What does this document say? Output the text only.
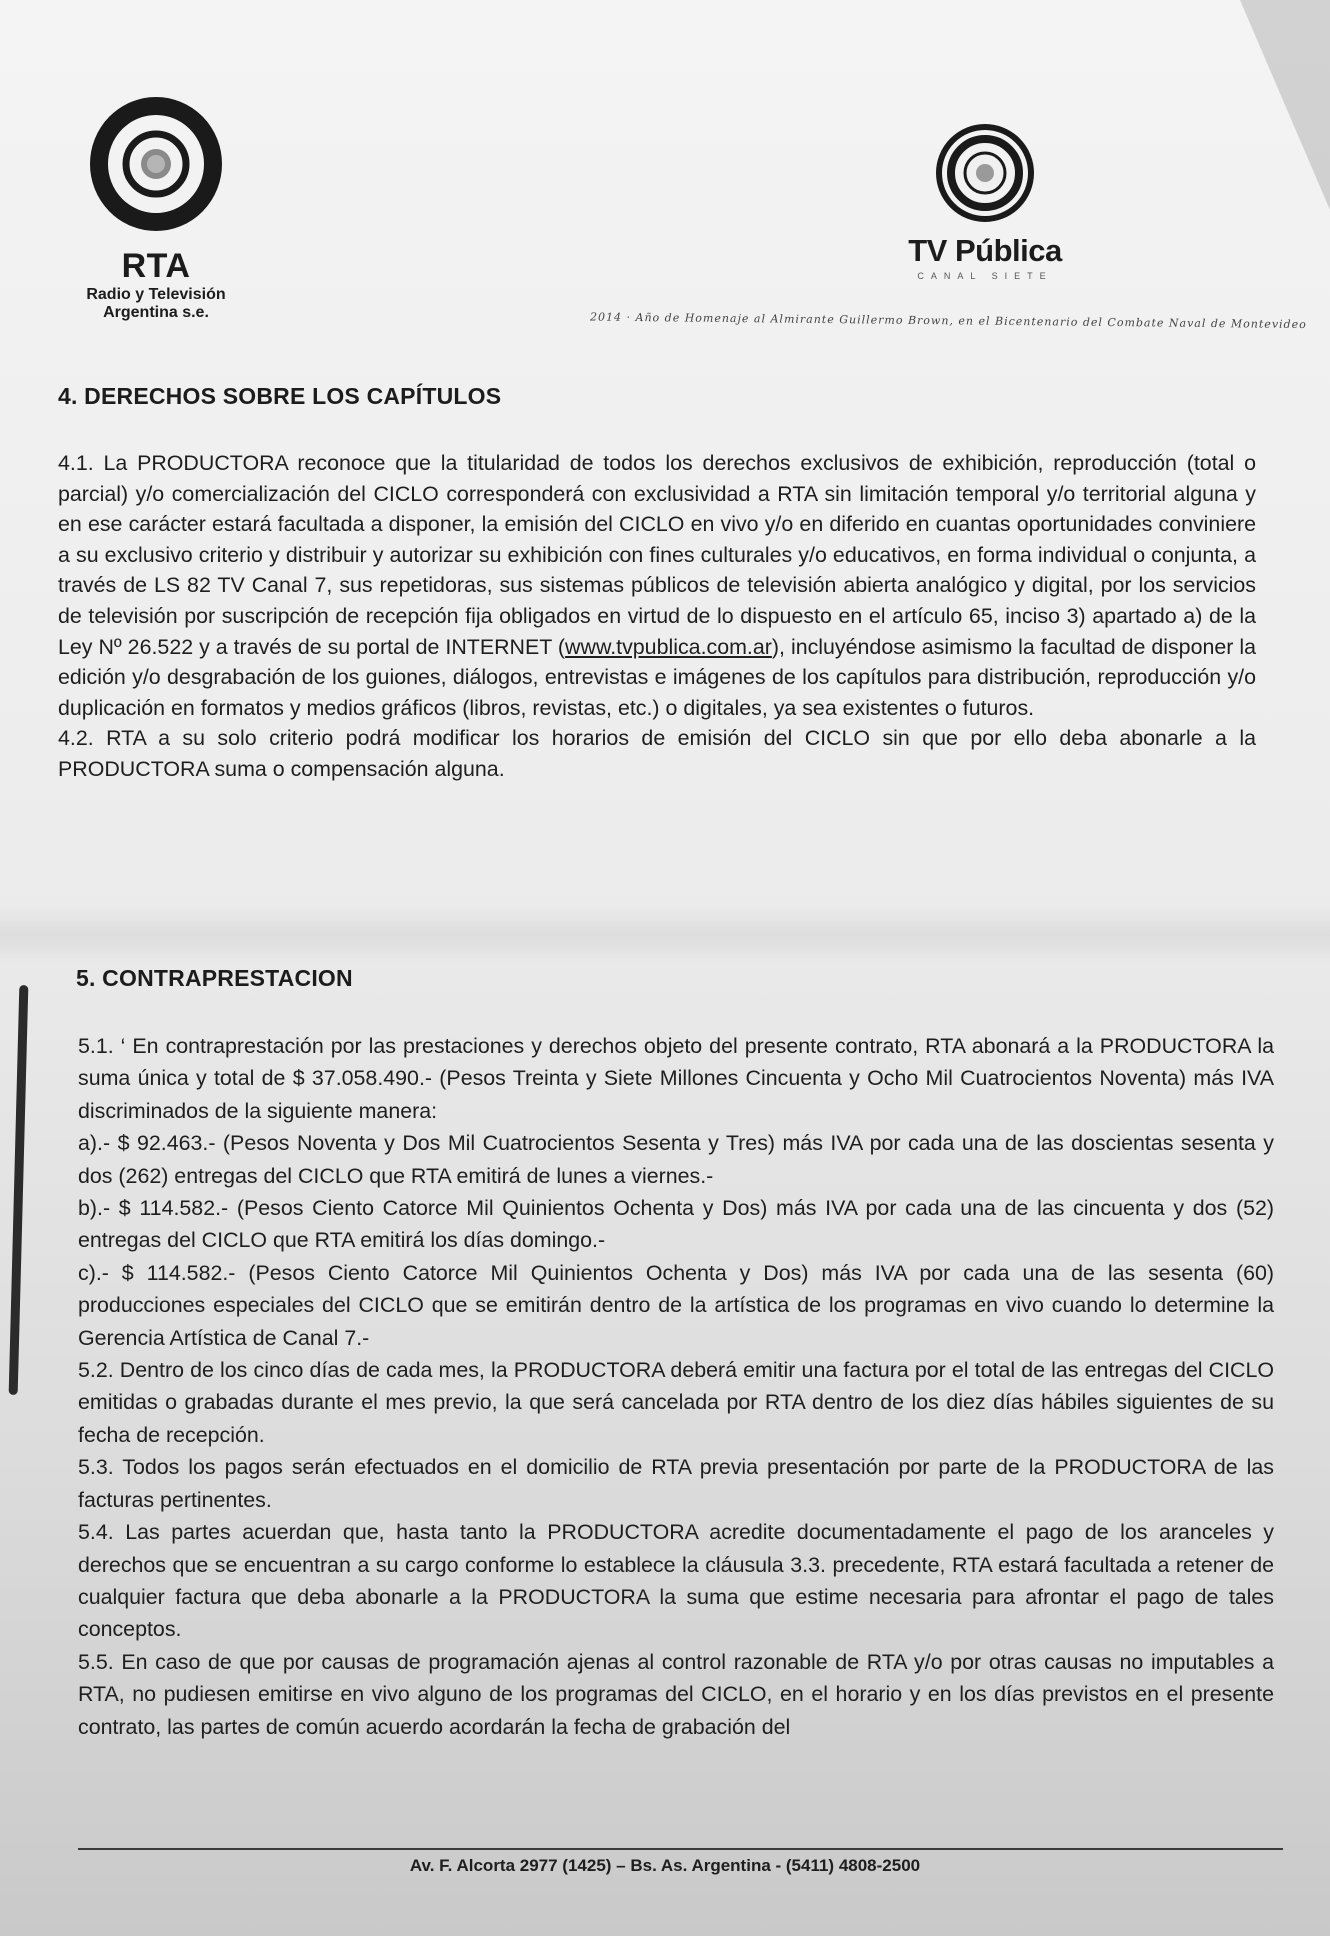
RTA
Radio y Televisión
Argentina s.e.
TV Pública
CANAL SIETE
2014 · Año de Homenaje al Almirante Guillermo Brown, en el Bicentenario del Combate Naval de Montevideo
4. DERECHOS SOBRE LOS CAPÍTULOS

4.1. La PRODUCTORA reconoce que la titularidad de todos los derechos exclusivos de exhibición, reproducción (total o parcial) y/o comercialización del CICLO corresponderá con exclusividad a RTA sin limitación temporal y/o territorial alguna y en ese carácter estará facultada a disponer, la emisión del CICLO en vivo y/o en diferido en cuantas oportunidades conviniere a su exclusivo criterio y distribuir y autorizar su exhibición con fines culturales y/o educativos, en forma individual o conjunta, a través de LS 82 TV Canal 7, sus repetidoras, sus sistemas públicos de televisión abierta analógico y digital, por los servicios de televisión por suscripción de recepción fija obligados en virtud de lo dispuesto en el artículo 65, inciso 3) apartado a) de la Ley Nº 26.522 y a través de su portal de INTERNET (www.tvpublica.com.ar), incluyéndose asimismo la facultad de disponer la edición y/o desgrabación de los guiones, diálogos, entrevistas e imágenes de los capítulos para distribución, reproducción y/o duplicación en formatos y medios gráficos (libros, revistas, etc.) o digitales, ya sea existentes o futuros.

4.2. RTA a su solo criterio podrá modificar los horarios de emisión del CICLO sin que por ello deba abonarle a la PRODUCTORA suma o compensación alguna.

5. CONTRAPRESTACION

5.1. ‘ En contraprestación por las prestaciones y derechos objeto del presente contrato, RTA abonará a la PRODUCTORA la suma única y total de $ 37.058.490.- (Pesos Treinta y Siete Millones Cincuenta y Ocho Mil Cuatrocientos Noventa) más IVA discriminados de la siguiente manera:

a).- $ 92.463.- (Pesos Noventa y Dos Mil Cuatrocientos Sesenta y Tres) más IVA por cada una de las doscientas sesenta y dos (262) entregas del CICLO que RTA emitirá de lunes a viernes.-

b).- $ 114.582.- (Pesos Ciento Catorce Mil Quinientos Ochenta y Dos) más IVA por cada una de las cincuenta y dos (52) entregas del CICLO que RTA emitirá los días domingo.-

c).- $ 114.582.- (Pesos Ciento Catorce Mil Quinientos Ochenta y Dos) más IVA por cada una de las sesenta (60) producciones especiales del CICLO que se emitirán dentro de la artística de los programas en vivo cuando lo determine la Gerencia Artística de Canal 7.-

5.2. Dentro de los cinco días de cada mes, la PRODUCTORA deberá emitir una factura por el total de las entregas del CICLO emitidas o grabadas durante el mes previo, la que será cancelada por RTA dentro de los diez días hábiles siguientes de su fecha de recepción.

5.3. Todos los pagos serán efectuados en el domicilio de RTA previa presentación por parte de la PRODUCTORA de las facturas pertinentes.

5.4. Las partes acuerdan que, hasta tanto la PRODUCTORA acredite documentadamente el pago de los aranceles y derechos que se encuentran a su cargo conforme lo establece la cláusula 3.3. precedente, RTA estará facultada a retener de cualquier factura que deba abonarle a la PRODUCTORA la suma que estime necesaria para afrontar el pago de tales conceptos.

5.5. En caso de que por causas de programación ajenas al control razonable de RTA y/o por otras causas no imputables a RTA, no pudiesen emitirse en vivo alguno de los programas del CICLO, en el horario y en los días previstos en el presente contrato, las partes de común acuerdo acordarán la fecha de grabación del

Av. F. Alcorta 2977 (1425) – Bs. As. Argentina - (5411) 4808-2500
